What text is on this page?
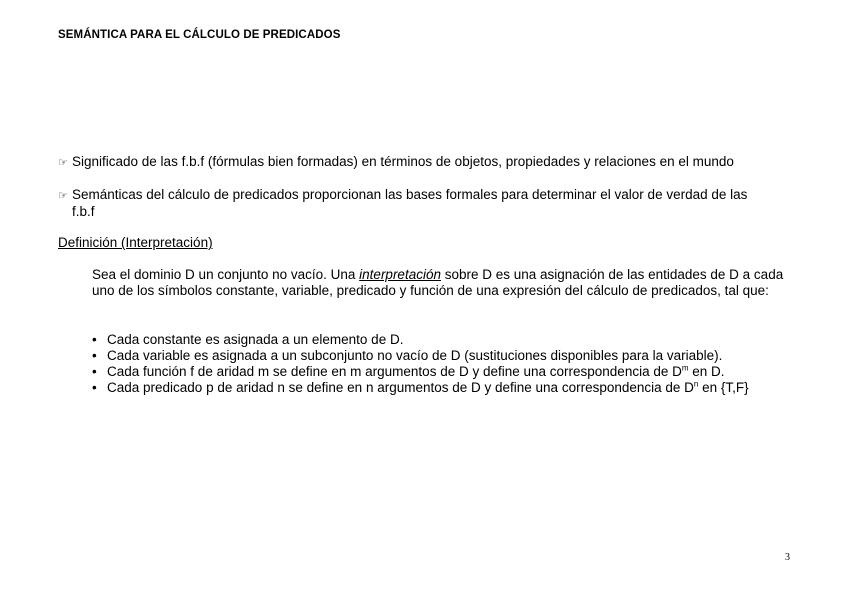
SEMÁNTICA PARA EL CÁLCULO DE PREDICADOS
☞ Significado de las f.b.f (fórmulas bien formadas) en términos de objetos, propiedades y relaciones en el mundo
☞ Semánticas del cálculo de predicados proporcionan las bases formales para determinar el valor de verdad de las
f.b.f
Definición (Interpretación)
Sea el dominio D un conjunto no vacío. Una interpretación sobre D es una asignación de las entidades de D a cada uno de los símbolos constante, variable, predicado y función de una expresión del cálculo de predicados, tal que:
• Cada constante es asignada a un elemento de D.
• Cada variable es asignada a un subconjunto no vacío de D (sustituciones disponibles para la variable).
• Cada función f de aridad m se define en m argumentos de D y define una correspondencia de $D^m$ en D.
• Cada predicado p de aridad n se define en n argumentos de D y define una correspondencia de $D^n$ en {T,F}
3
